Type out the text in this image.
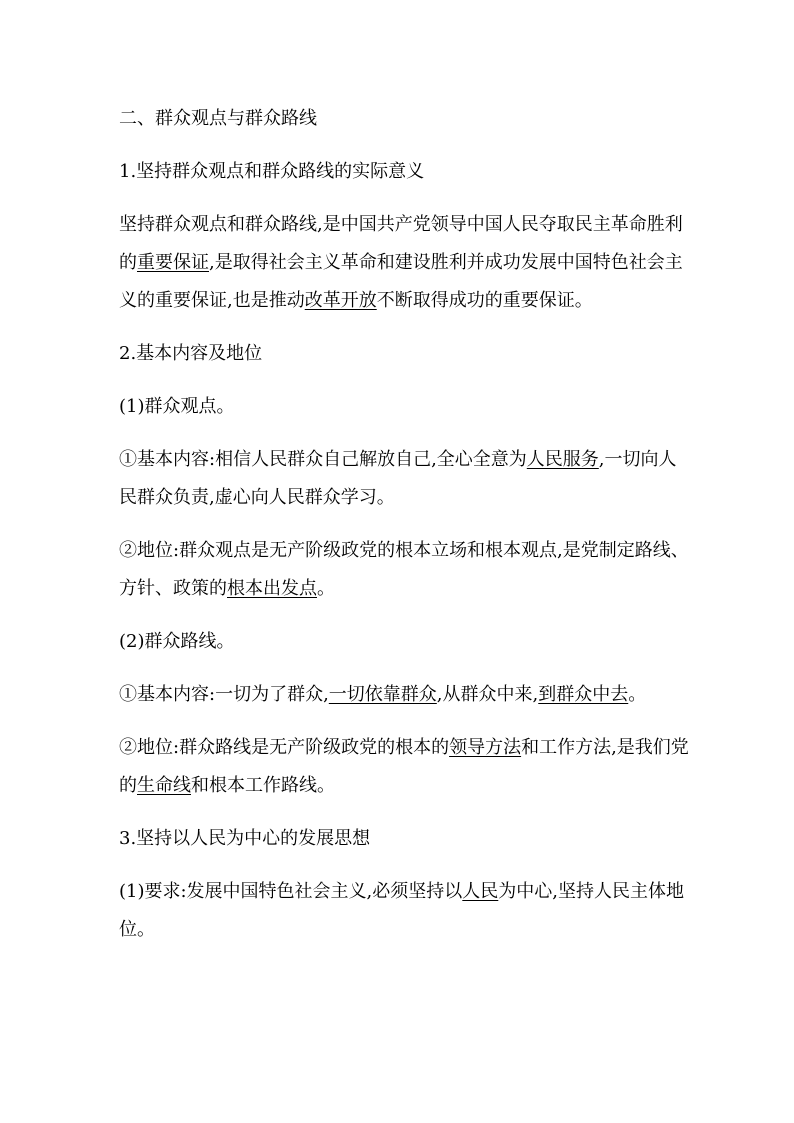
二、群众观点与群众路线

1.坚持群众观点和群众路线的实际意义

坚持群众观点和群众路线,是中国共产党领导中国人民夺取民主革命胜利的重要保证,是取得社会主义革命和建设胜利并成功发展中国特色社会主义的重要保证,也是推动改革开放不断取得成功的重要保证。

2.基本内容及地位

(1)群众观点。

①基本内容:相信人民群众自己解放自己,全心全意为人民服务,一切向人民群众负责,虚心向人民群众学习。

②地位:群众观点是无产阶级政党的根本立场和根本观点,是党制定路线、方针、政策的根本出发点。

(2)群众路线。

①基本内容:一切为了群众,一切依靠群众,从群众中来,到群众中去。

②地位:群众路线是无产阶级政党的根本的领导方法和工作方法,是我们党的生命线和根本工作路线。

3.坚持以人民为中心的发展思想

(1)要求:发展中国特色社会主义,必须坚持以人民为中心,坚持人民主体地位。
